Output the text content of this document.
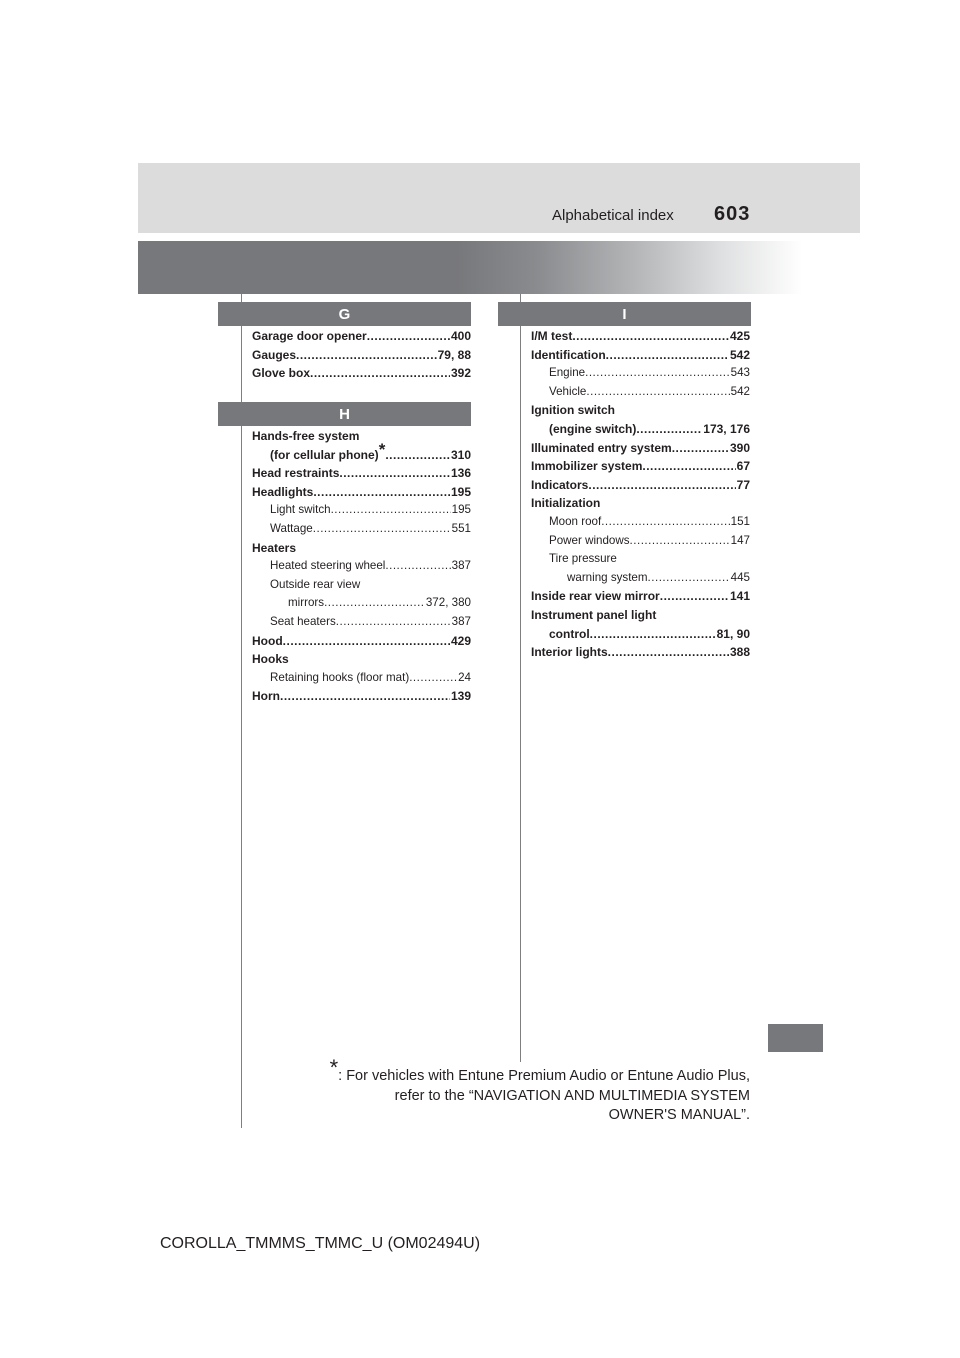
Alphabetical index 603
G
Garage door opener .....	400
Gauges .....	79, 88
Glove box .....	392
H
Hands-free system
(for cellular phone)* .....	310
Head restraints .....	136
Headlights .....	195
Light switch .....	195
Wattage .....	551
Heaters
Heated steering wheel .....	387
Outside rear view
mirrors .....	372, 380
Seat heaters .....	387
Hood .....	429
Hooks
Retaining hooks (floor mat) .....	24
Horn .....	139
I
I/M test .....	425
Identification .....	542
Engine .....	543
Vehicle .....	542
Ignition switch
(engine switch) .....	173, 176
Illuminated entry system .....	390
Immobilizer system .....	67
Indicators .....	77
Initialization
Moon roof .....	151
Power windows .....	147
Tire pressure
warning system .....	445
Inside rear view mirror .....	141
Instrument panel light
control .....	81, 90
Interior lights .....	388
*: For vehicles with Entune Premium Audio or Entune Audio Plus,
refer to the “NAVIGATION AND MULTIMEDIA SYSTEM
OWNER'S MANUAL”.
COROLLA_TMMMS_TMMC_U (OM02494U)
